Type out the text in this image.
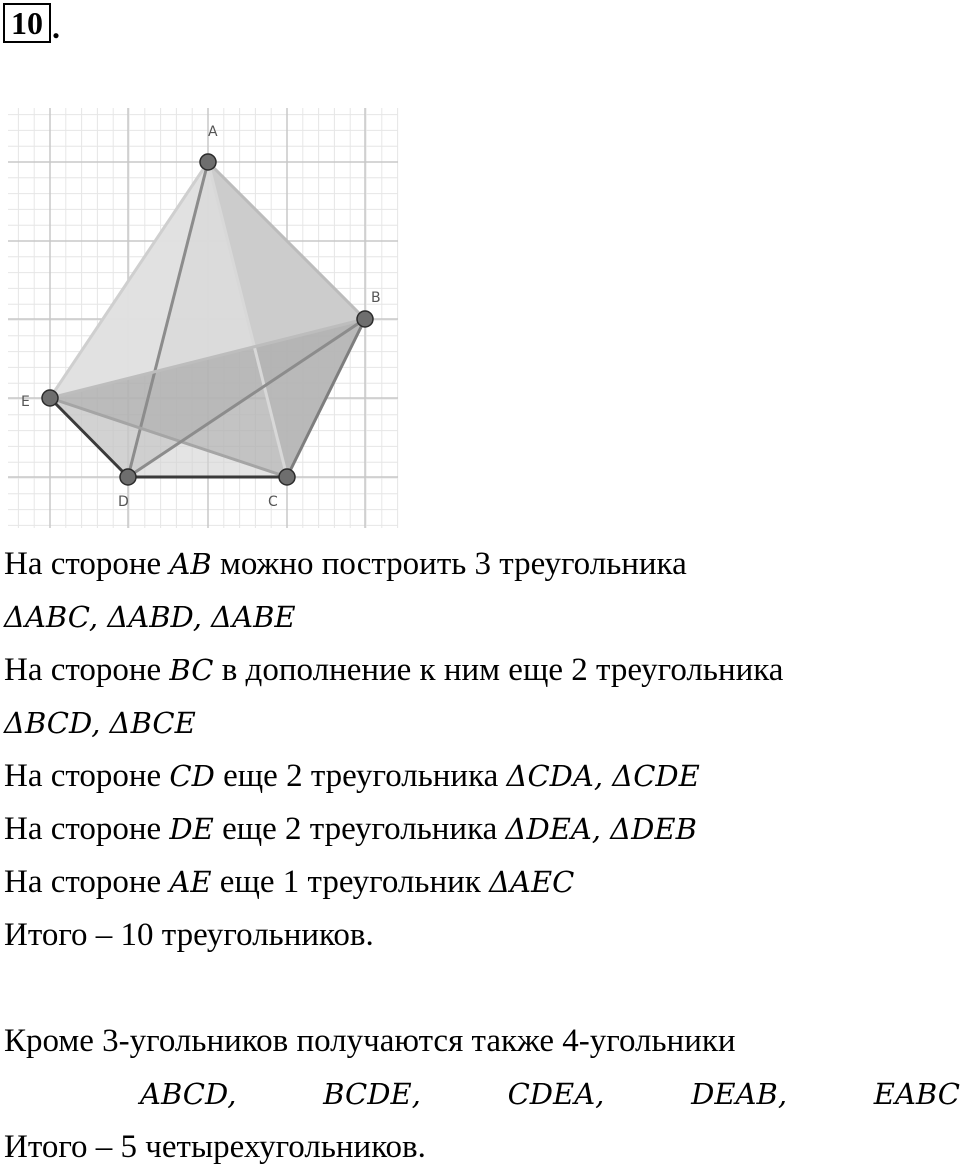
10 .
A
B
C
D
E
На стороне AB можно построить 3 треугольника
ΔABC, ΔABD, ΔABE
На стороне BC в дополнение к ним еще 2 треугольника
ΔBCD, ΔBCE
На стороне CD еще 2 треугольника ΔCDA, ΔCDE
На стороне DE еще 2 треугольника ΔDEA, ΔDEB
На стороне AE еще 1 треугольник ΔAEC
Итого – 10 треугольников.
Кроме 3-угольников получаются также 4-угольники
ABCD,	BCDE,	CDEA,	DEAB,	EABC
Итого – 5 четырехугольников.
